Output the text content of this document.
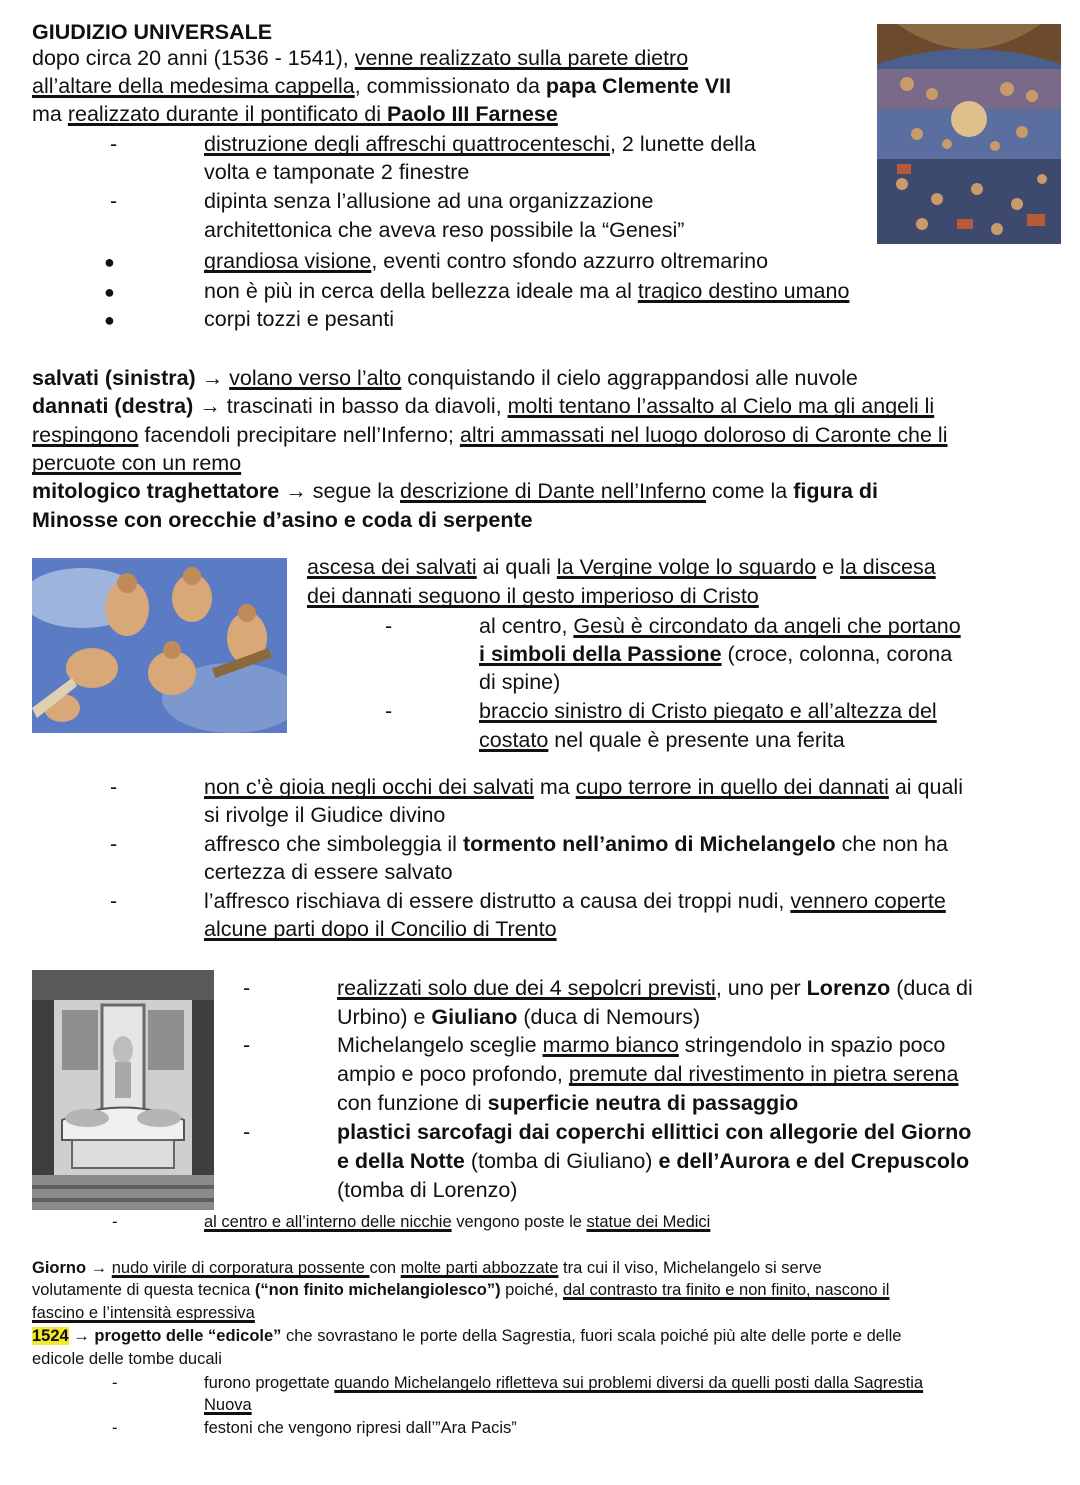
GIUDIZIO UNIVERSALE
dopo circa 20 anni (1536 - 1541), venne realizzato sulla parete dietro
all’altare della medesima cappella, commissionato da papa Clemente VII
ma realizzato durante il pontificato di Paolo III Farnese
-	distruzione degli affreschi quattrocenteschi, 2 lunette della
volta e tamponate 2 finestre
-	dipinta senza l’allusione ad una organizzazione
architettonica che aveva reso possibile la “Genesi”
●	grandiosa visione, eventi contro sfondo azzurro oltremarino
●	non è più in cerca della bellezza ideale ma al tragico destino umano
●	corpi tozzi e pesanti
salvati (sinistra) → volano verso l’alto conquistando il cielo aggrappandosi alle nuvole
dannati (destra) → trascinati in basso da diavoli, molti tentano l’assalto al Cielo ma gli angeli li
respingono facendoli precipitare nell’Inferno; altri ammassati nel luogo doloroso di Caronte che li
percuote con un remo
mitologico traghettatore → segue la descrizione di Dante nell’Inferno come la figura di
Minosse con orecchie d’asino e coda di serpente
ascesa dei salvati ai quali la Vergine volge lo sguardo e la discesa
dei dannati seguono il gesto imperioso di Cristo
-	al centro, Gesù è circondato da angeli che portano
i simboli della Passione (croce, colonna, corona
di spine)
-	braccio sinistro di Cristo piegato e all’altezza del
costato nel quale è presente una ferita
-	non c’è gioia negli occhi dei salvati ma cupo terrore in quello dei dannati ai quali
si rivolge il Giudice divino
-	affresco che simboleggia il tormento nell’animo di Michelangelo che non ha
certezza di essere salvato
-	l’affresco rischiava di essere distrutto a causa dei troppi nudi, vennero coperte
alcune parti dopo il Concilio di Trento
-	realizzati solo due dei 4 sepolcri previsti, uno per Lorenzo (duca di
Urbino) e Giuliano (duca di Nemours)
-	Michelangelo sceglie marmo bianco stringendolo in spazio poco
ampio e poco profondo, premute dal rivestimento in pietra serena
con funzione di superficie neutra di passaggio
-	plastici sarcofagi dai coperchi ellittici con allegorie del Giorno
e della Notte (tomba di Giuliano) e dell’Aurora e del Crepuscolo
(tomba di Lorenzo)
-	al centro e all’interno delle nicchie vengono poste le statue dei Medici
Giorno → nudo virile di corporatura possente con molte parti abbozzate tra cui il viso, Michelangelo si serve
volutamente di questa tecnica (“non finito michelangiolesco”) poiché, dal contrasto tra finito e non finito, nascono il
fascino e l’intensità espressiva
1524 → progetto delle “edicole” che sovrastano le porte della Sagrestia, fuori scala poiché più alte delle porte e delle
edicole delle tombe ducali
-	furono progettate quando Michelangelo rifletteva sui problemi diversi da quelli posti dalla Sagrestia
Nuova
-	festoni che vengono ripresi dall’”Ara Pacis”
